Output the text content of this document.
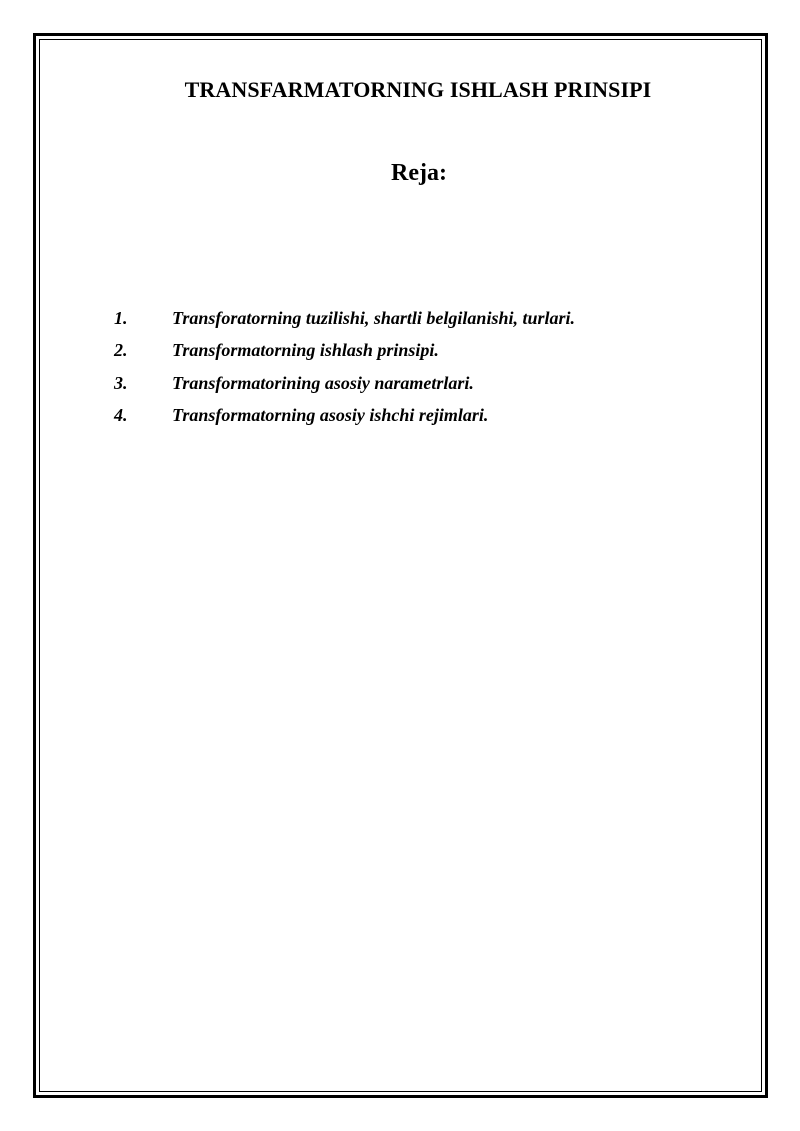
TRANSFARMATORNING ISHLASH PRINSIPI
Reja:
1. Transforatorning tuzilishi, shartli belgilanishi, turlari.
2. Transformatorning ishlash prinsipi.
3. Transformatorining asosiy narametrlari.
4. Transformatorning asosiy ishchi rejimlari.
